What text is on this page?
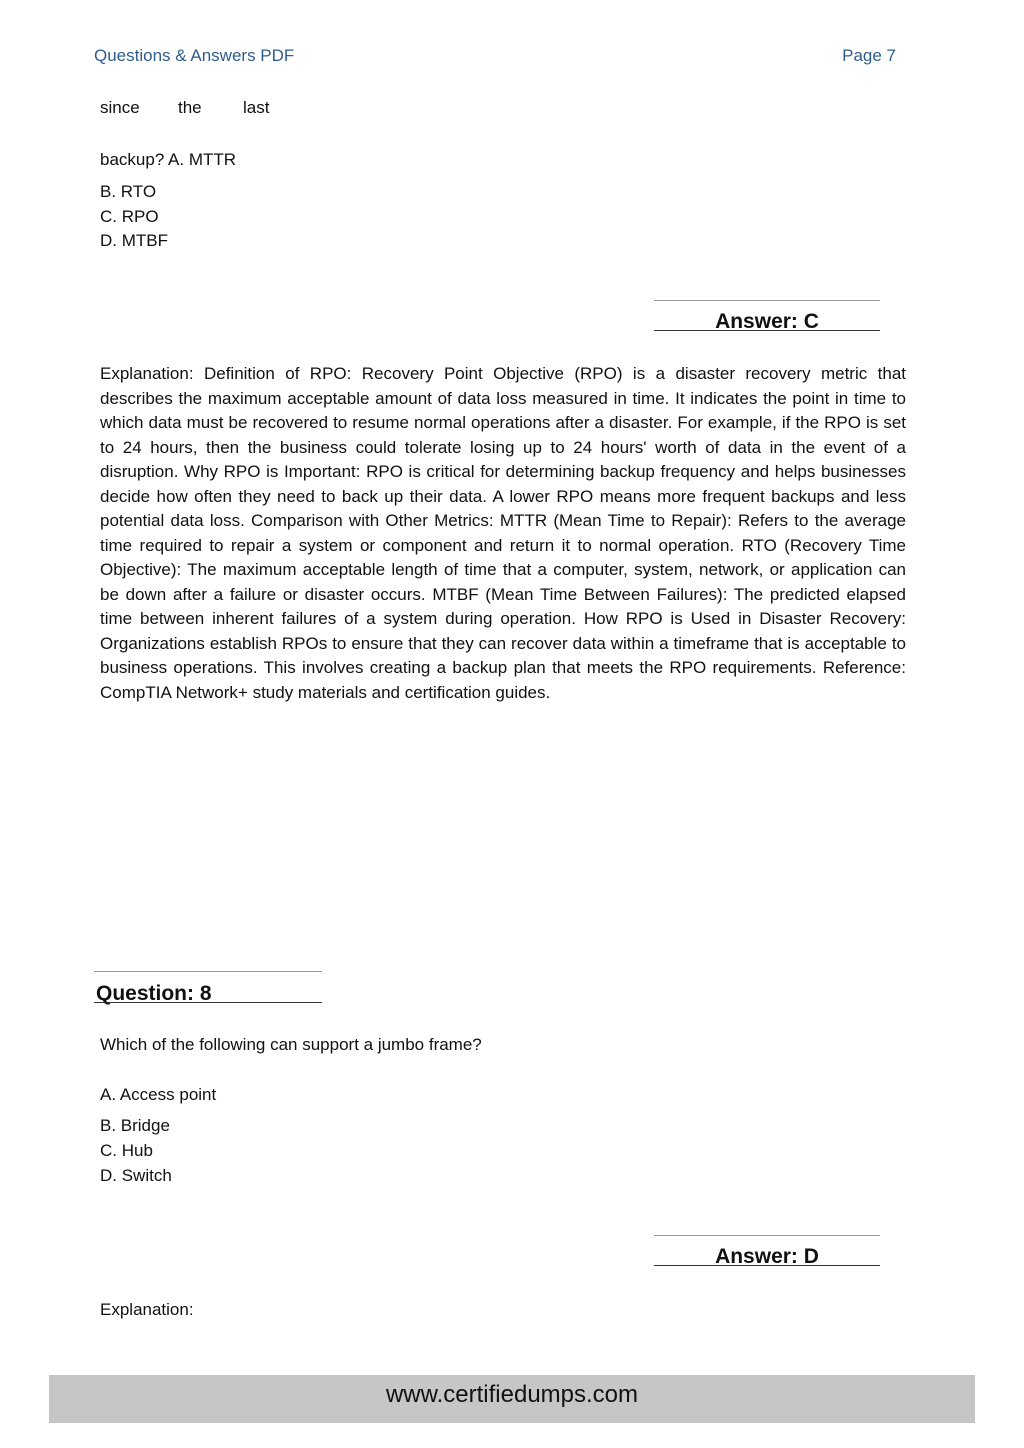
Questions & Answers PDF	Page 7
since the last
backup? A. MTTR
B. RTO
C. RPO
D. MTBF
Answer: C
Explanation: Definition of RPO: Recovery Point Objective (RPO) is a disaster recovery metric that describes the maximum acceptable amount of data loss measured in time. It indicates the point in time to which data must be recovered to resume normal operations after a disaster. For example, if the RPO is set to 24 hours, then the business could tolerate losing up to 24 hours' worth of data in the event of a disruption. Why RPO is Important: RPO is critical for determining backup frequency and helps businesses decide how often they need to back up their data. A lower RPO means more frequent backups and less potential data loss. Comparison with Other Metrics: MTTR (Mean Time to Repair): Refers to the average time required to repair a system or component and return it to normal operation. RTO (Recovery Time Objective): The maximum acceptable length of time that a computer, system, network, or application can be down after a failure or disaster occurs. MTBF (Mean Time Between Failures): The predicted elapsed time between inherent failures of a system during operation. How RPO is Used in Disaster Recovery: Organizations establish RPOs to ensure that they can recover data within a timeframe that is acceptable to business operations. This involves creating a backup plan that meets the RPO requirements. Reference: CompTIA Network+ study materials and certification guides.
Question: 8
Which of the following can support a jumbo frame?
A. Access point
B. Bridge
C. Hub
D. Switch
Answer: D
Explanation:
www.certifiedumps.com
